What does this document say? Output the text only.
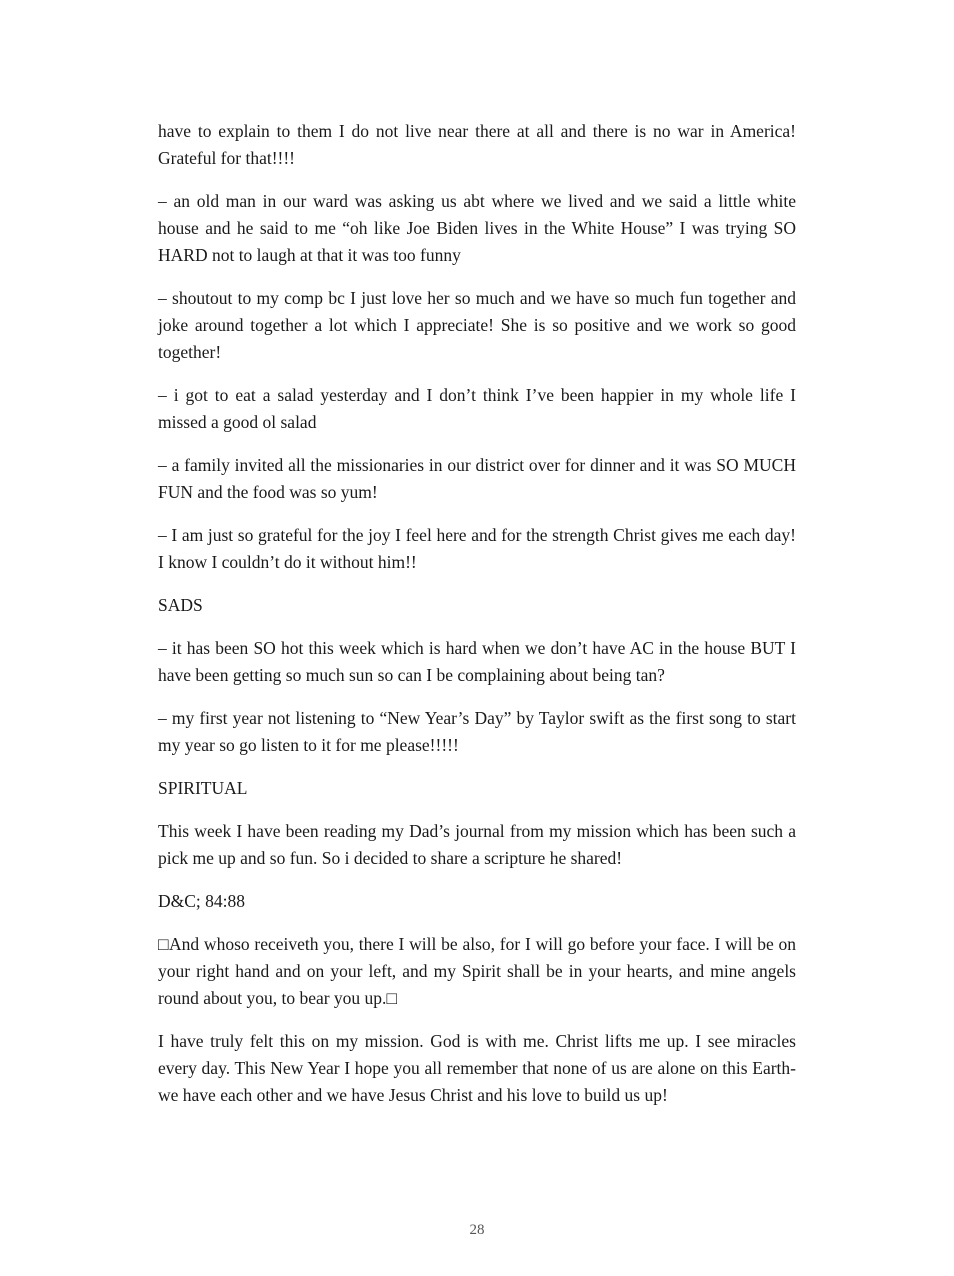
have to explain to them I do not live near there at all and there is no war in America! Grateful for that!!!!

– an old man in our ward was asking us abt where we lived and we said a little white house and he said to me “oh like Joe Biden lives in the White House” I was trying SO HARD not to laugh at that it was too funny

– shoutout to my comp bc I just love her so much and we have so much fun together and joke around together a lot which I appreciate! She is so positive and we work so good together!

– i got to eat a salad yesterday and I don’t think I’ve been happier in my whole life I missed a good ol salad

– a family invited all the missionaries in our district over for dinner and it was SO MUCH FUN and the food was so yum!

– I am just so grateful for the joy I feel here and for the strength Christ gives me each day! I know I couldn’t do it without him!!

SADS

– it has been SO hot this week which is hard when we don’t have AC in the house BUT I have been getting so much sun so can I be complaining about being tan?

– my first year not listening to “New Year’s Day” by Taylor swift as the first song to start my year so go listen to it for me please!!!!!

SPIRITUAL

This week I have been reading my Dad’s journal from my mission which has been such a pick me up and so fun. So i decided to share a scripture he shared!

D&C; 84:88

□And whoso receiveth you, there I will be also, for I will go before your face. I will be on your right hand and on your left, and my Spirit shall be in your hearts, and mine angels round about you, to bear you up.□

I have truly felt this on my mission. God is with me. Christ lifts me up. I see miracles every day. This New Year I hope you all remember that none of us are alone on this Earth- we have each other and we have Jesus Christ and his love to build us up!

28
